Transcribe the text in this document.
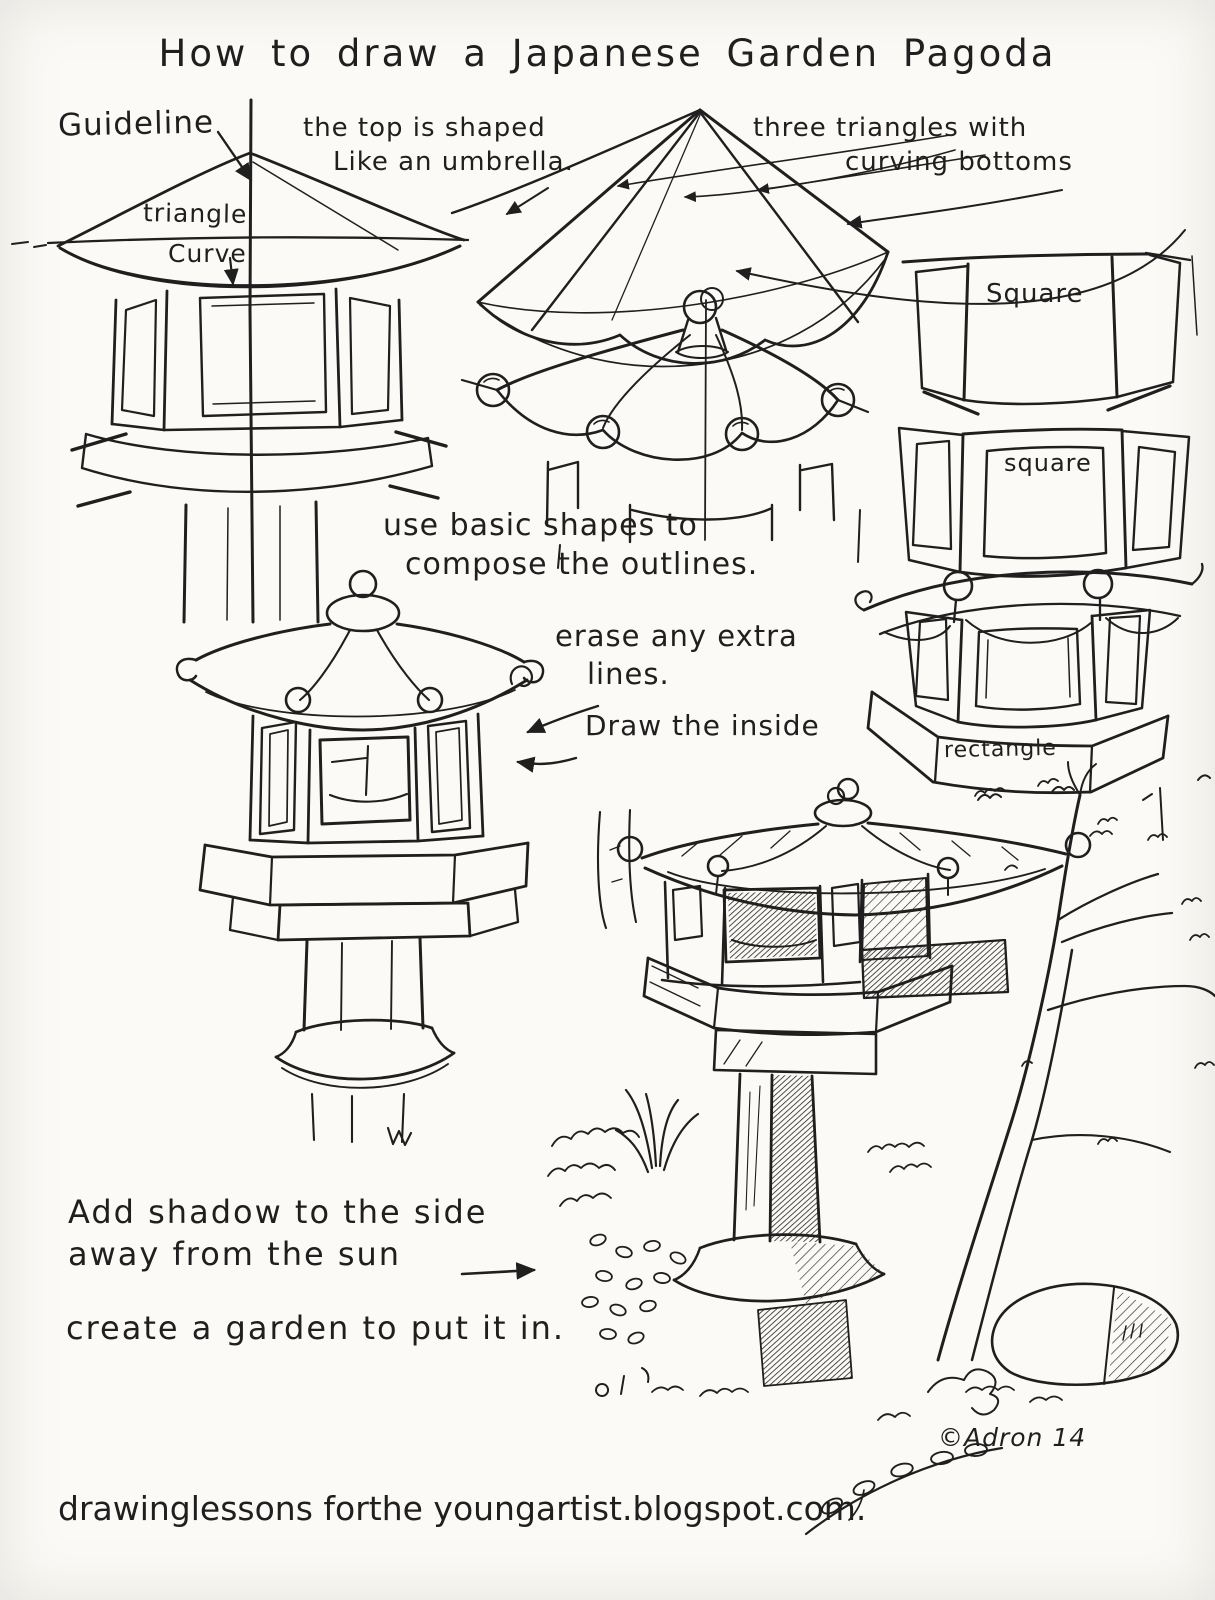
How to draw a Japanese Garden Pagoda
Guideline	the top is shaped
Like an umbrella.
three triangles with
curving bottoms
triangle
Curve
Square
square
rectangle
use basic shapes to
compose the outlines.
erase any extra
lines.
Draw the inside
Add shadow to the side
away from the sun
create a garden to put it in.
©Adron 14
drawinglessons forthe youngartist.blogspot.com.
